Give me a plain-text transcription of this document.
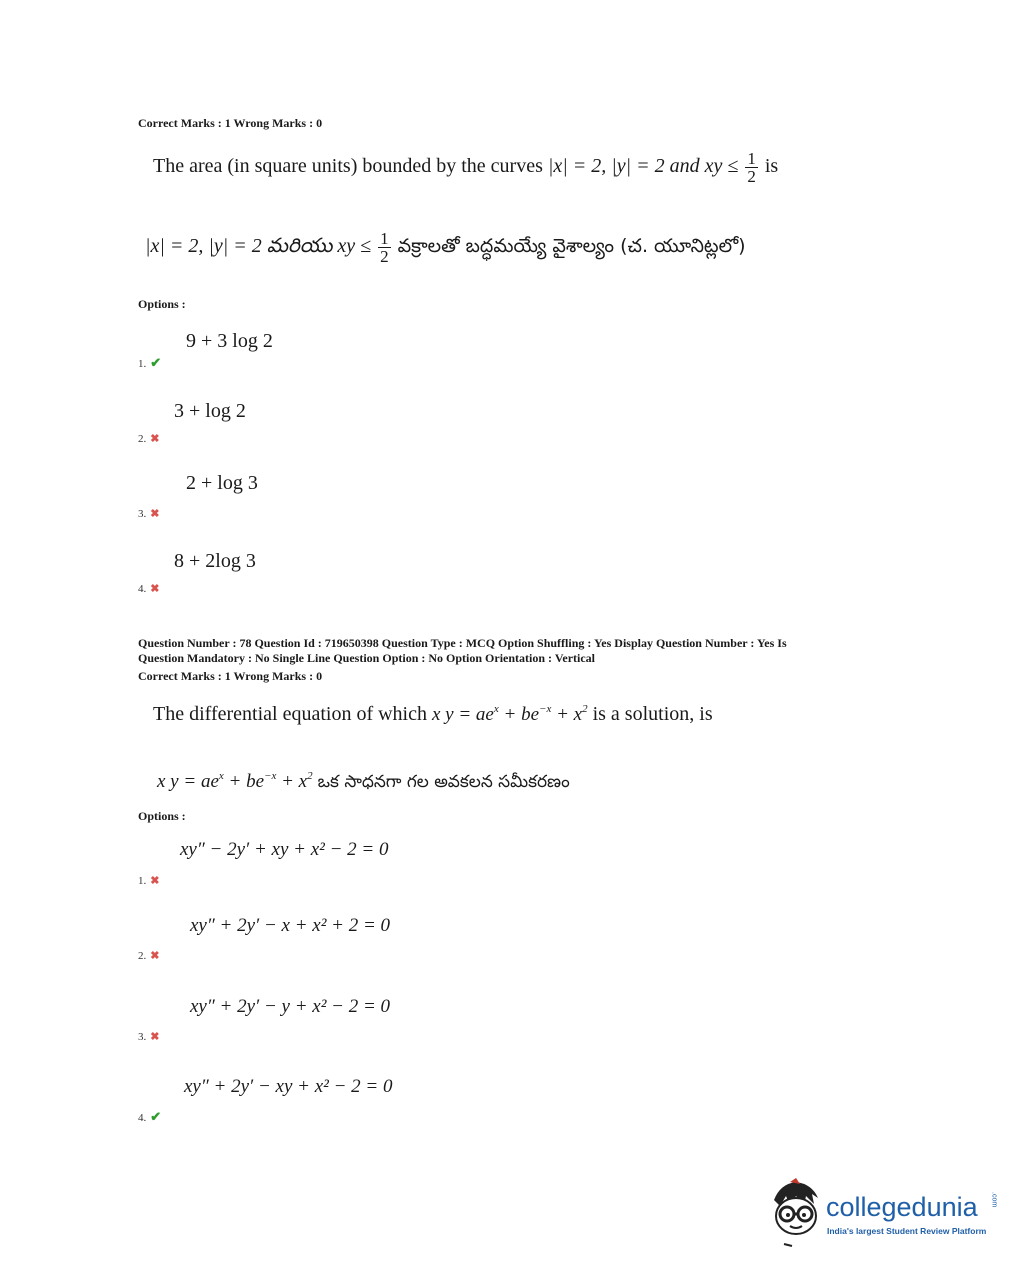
Correct Marks : 1 Wrong Marks : 0
The area (in square units) bounded by the curves |x| = 2, |y| = 2 and xy ≤ $\frac{1}{2}$ is
|x| = 2, |y| = 2 మరియు xy ≤ $\frac{1}{2}$ వక్రాలతో బద్ధమయ్యే వైశాల్యం (చ. యూనిట్లలో)
Options :
9 + 3 log 2
1. ✔
3 + log 2
2. ✖
2 + log 3
3. ✖
8 + 2log 3
4. ✖
Question Number : 78 Question Id : 719650398 Question Type : MCQ Option Shuffling : Yes Display Question Number : Yes Is
Question Mandatory : No Single Line Question Option : No Option Orientation : Vertical
Correct Marks : 1 Wrong Marks : 0
The differential equation of which x $y = ae^x + be^{-x} + x^2$ is a solution, is
x $y = ae^x + be^{-x} + x^2$ ఒక సాధనగా గల అవకలన సమీకరణం
Options :
xy″ − 2y′ + xy + x² − 2 = 0
1. ✖
xy″ + 2y′ − x + x² + 2 = 0
2. ✖
xy″ + 2y′ − y + x² − 2 = 0
3. ✖
xy″ + 2y′ − xy + x² − 2 = 0
4. ✔
collegedunia .com
India's largest Student Review Platform
